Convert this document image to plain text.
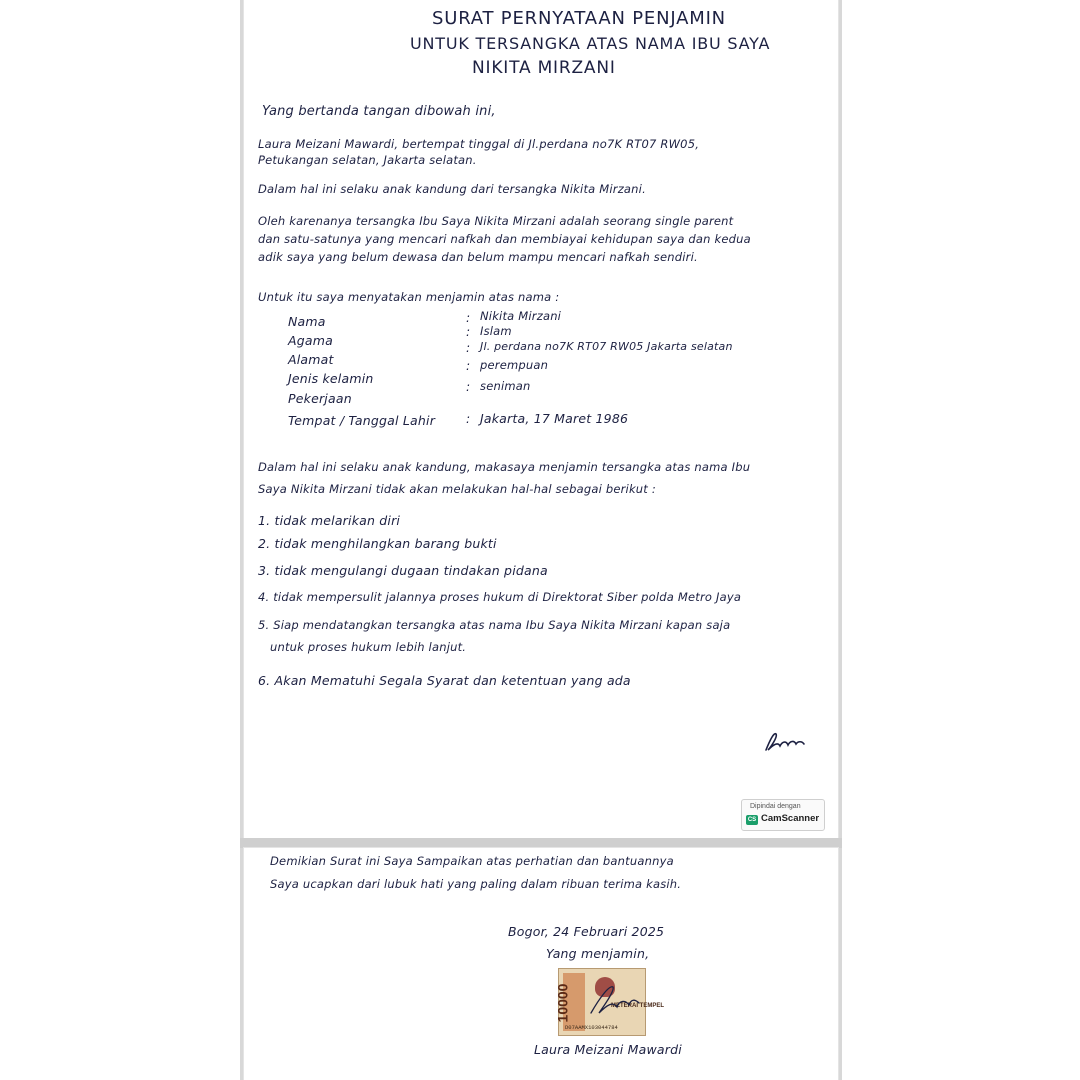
SURAT PERNYATAAN PENJAMIN
UNTUK TERSANGKA ATAS NAMA IBU SAYA
NIKITA MIRZANI
Yang bertanda tangan dibowah ini,
Laura Meizani Mawardi, bertempat tinggal di Jl.perdana no7K RT07 RW05,
Petukangan selatan, Jakarta selatan.
Dalam hal ini selaku anak kandung dari tersangka Nikita Mirzani.
Oleh karenanya tersangka Ibu Saya Nikita Mirzani adalah seorang single parent
dan satu-satunya yang mencari nafkah dan membiayai kehidupan saya dan kedua
adik saya yang belum dewasa dan belum mampu mencari nafkah sendiri.
Untuk itu saya menyatakan menjamin atas nama :
Nama
Agama
Alamat
Jenis kelamin
Pekerjaan
Tempat / Tanggal Lahir
:
:
:
:
:
:
Nikita Mirzani
Islam
Jl. perdana no7K RT07 RW05 Jakarta selatan
perempuan
seniman
Jakarta, 17 Maret 1986
Dalam hal ini selaku anak kandung, makasaya menjamin tersangka atas nama Ibu
Saya Nikita Mirzani tidak akan melakukan hal-hal sebagai berikut :
1. tidak melarikan diri
2. tidak menghilangkan barang bukti
3. tidak mengulangi dugaan tindakan pidana
4. tidak mempersulit jalannya proses hukum di Direktorat Siber polda Metro Jaya
5. Siap mendatangkan tersangka atas nama Ibu Saya Nikita Mirzani kapan saja
untuk proses hukum lebih lanjut.
6. Akan Mematuhi Segala Syarat dan ketentuan yang ada
Dipindai dengan
CS CamScanner
Demikian Surat ini Saya Sampaikan atas perhatian dan bantuannya
Saya ucapkan dari lubuk hati yang paling dalam ribuan terima kasih.
Bogor, 24 Februari 2025
Yang menjamin,
10000	METERAI TEMPEL
D07AAMX103044784
Laura Meizani Mawardi
